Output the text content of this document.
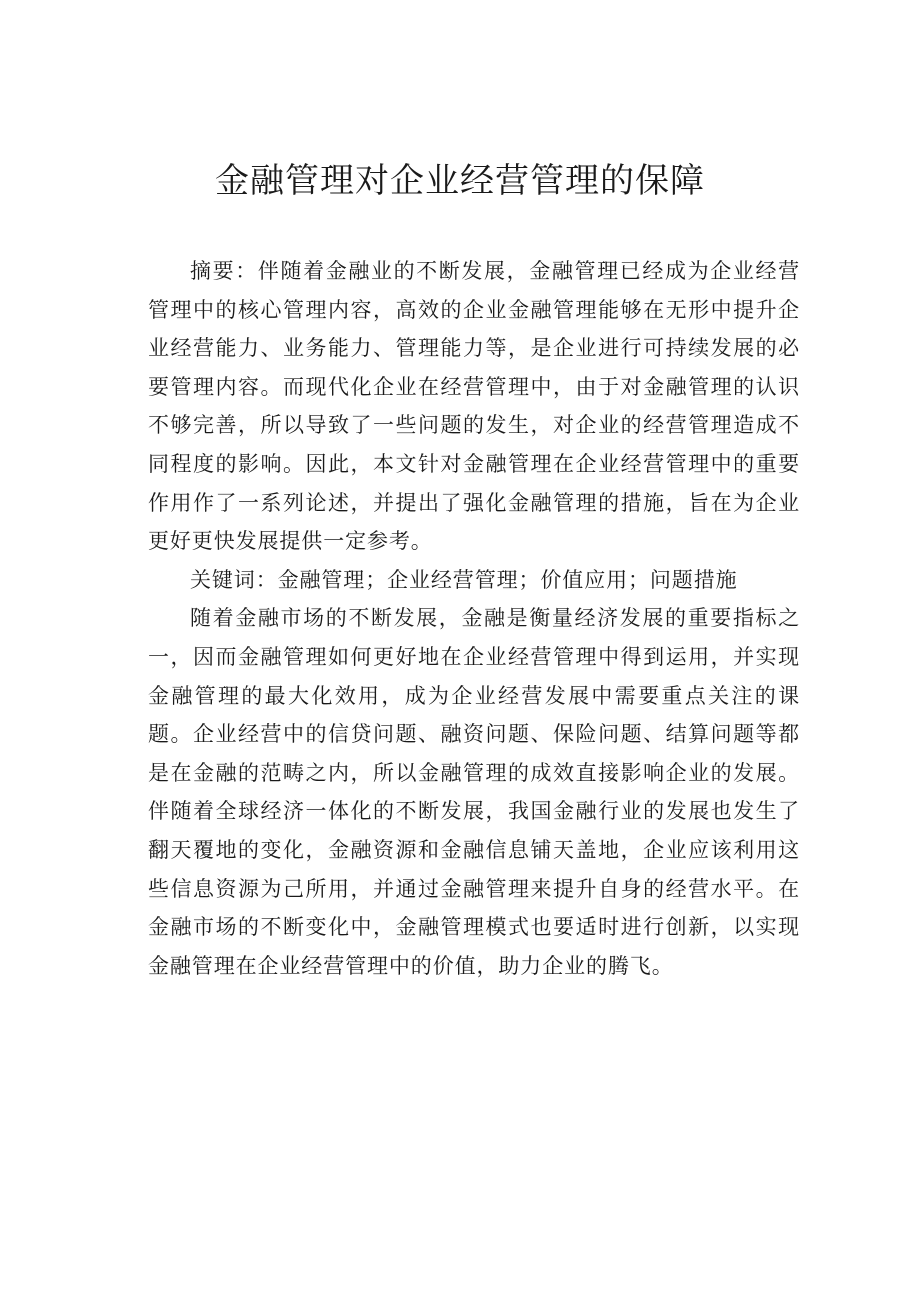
金融管理对企业经营管理的保障

摘要：伴随着金融业的不断发展，金融管理已经成为企业经营管理中的核心管理内容，高效的企业金融管理能够在无形中提升企业经营能力、业务能力、管理能力等，是企业进行可持续发展的必要管理内容。而现代化企业在经营管理中，由于对金融管理的认识不够完善，所以导致了一些问题的发生，对企业的经营管理造成不同程度的影响。因此，本文针对金融管理在企业经营管理中的重要作用作了一系列论述，并提出了强化金融管理的措施，旨在为企业更好更快发展提供一定参考。

关键词：金融管理；企业经营管理；价值应用；问题措施

随着金融市场的不断发展，金融是衡量经济发展的重要指标之一，因而金融管理如何更好地在企业经营管理中得到运用，并实现金融管理的最大化效用，成为企业经营发展中需要重点关注的课题。企业经营中的信贷问题、融资问题、保险问题、结算问题等都是在金融的范畴之内，所以金融管理的成效直接影响企业的发展。伴随着全球经济一体化的不断发展，我国金融行业的发展也发生了翻天覆地的变化，金融资源和金融信息铺天盖地，企业应该利用这些信息资源为己所用，并通过金融管理来提升自身的经营水平。在金融市场的不断变化中，金融管理模式也要适时进行创新，以实现金融管理在企业经营管理中的价值，助力企业的腾飞。
